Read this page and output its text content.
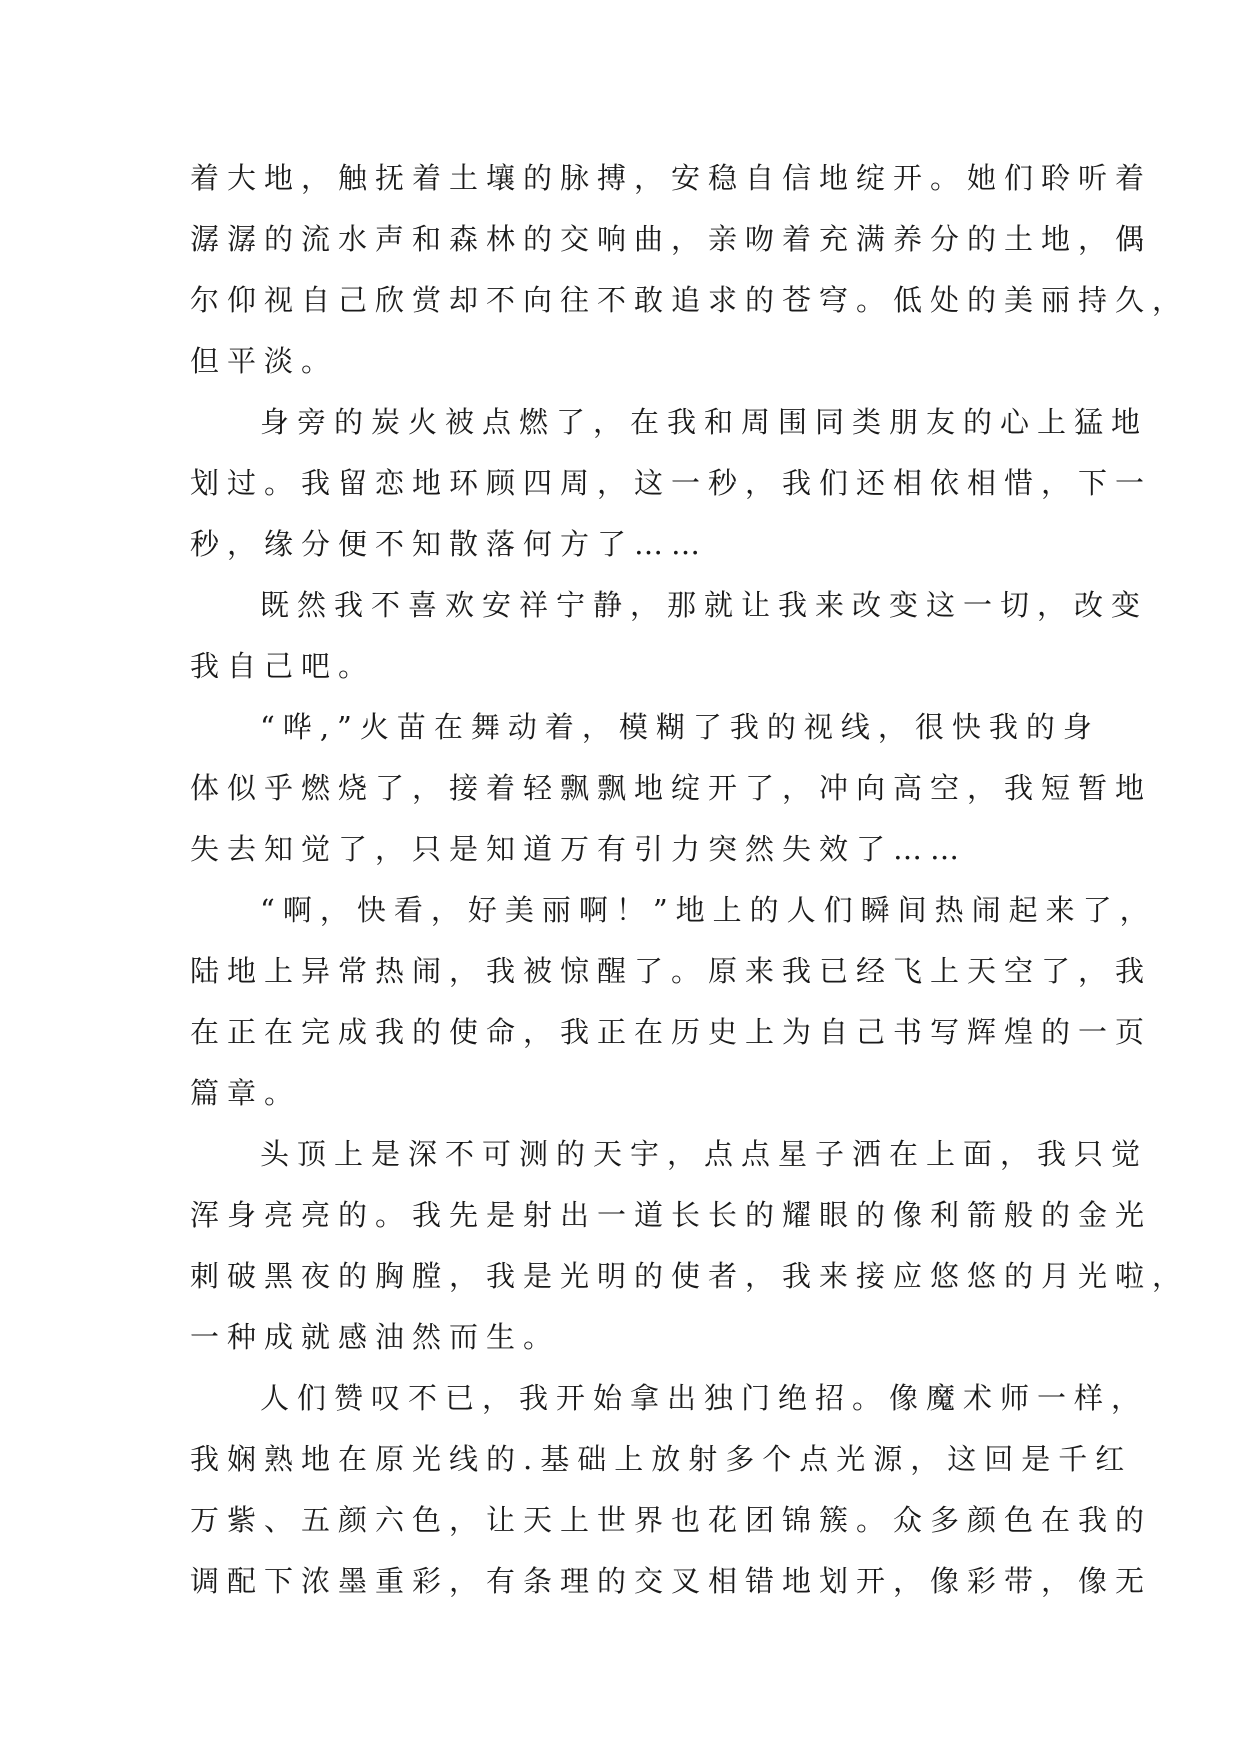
着大地，触抚着土壤的脉搏，安稳自信地绽开。她们聆听着
潺潺的流水声和森林的交响曲，亲吻着充满养分的土地，偶
尔仰视自己欣赏却不向往不敢追求的苍穹。低处的美丽持久，
但平淡。
身旁的炭火被点燃了，在我和周围同类朋友的心上猛地
划过。我留恋地环顾四周，这一秒，我们还相依相惜，下一
秒，缘分便不知散落何方了……
既然我不喜欢安祥宁静，那就让我来改变这一切，改变
我自己吧。
“哗,”火苗在舞动着，模糊了我的视线，很快我的身
体似乎燃烧了，接着轻飘飘地绽开了，冲向高空，我短暂地
失去知觉了，只是知道万有引力突然失效了……
“啊，快看，好美丽啊！”地上的人们瞬间热闹起来了，
陆地上异常热闹，我被惊醒了。原来我已经飞上天空了，我
在正在完成我的使命，我正在历史上为自己书写辉煌的一页
篇章。
头顶上是深不可测的天宇，点点星子洒在上面，我只觉
浑身亮亮的。我先是射出一道长长的耀眼的像利箭般的金光
刺破黑夜的胸膛，我是光明的使者，我来接应悠悠的月光啦，
一种成就感油然而生。
人们赞叹不已，我开始拿出独门绝招。像魔术师一样，
我娴熟地在原光线的.基础上放射多个点光源，这回是千红
万紫、五颜六色，让天上世界也花团锦簇。众多颜色在我的
调配下浓墨重彩，有条理的交叉相错地划开，像彩带，像无
